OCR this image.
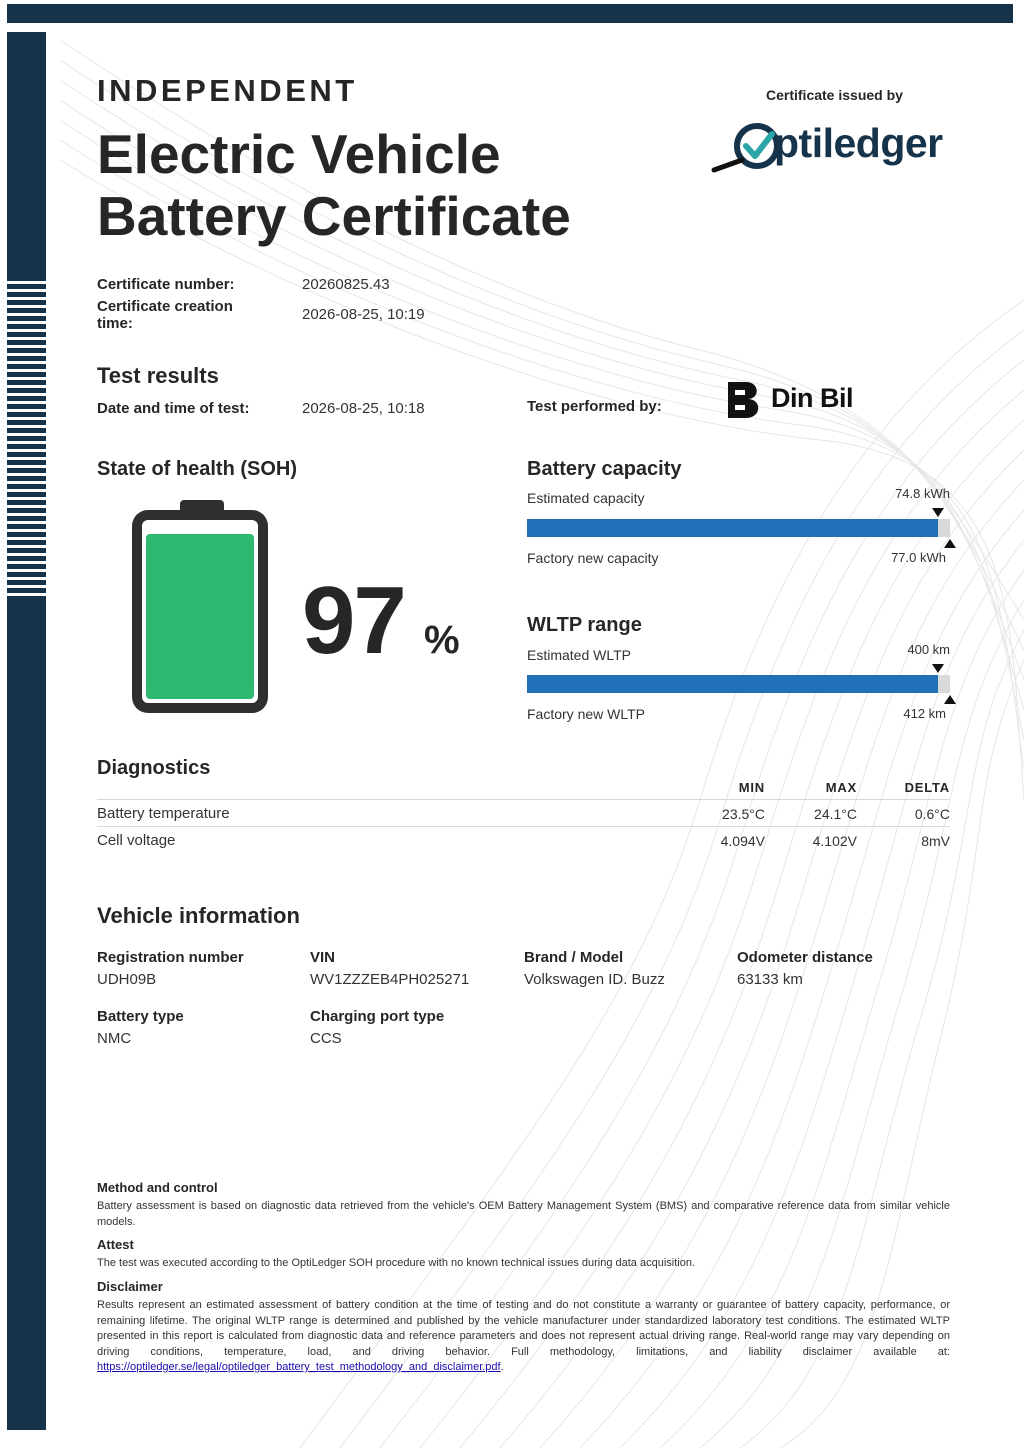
INDEPENDENT
Electric Vehicle
Battery Certificate
Certificate issued by
ptiledger
Certificate number:	20260825.43
Certificate creation time:
2026-08-25, 10:19
Test results
Date and time of test:	2026-08-25, 10:18	Test performed by:	Din Bil
State of health (SOH)
97 %
Battery capacity
Estimated capacity	74.8 kWh
Factory new capacity	77.0 kWh
WLTP range
Estimated WLTP	400 km
Factory new WLTP	412 km
Diagnostics
MIN	MAX	DELTA
Battery temperature	23.5°C	24.1°C	0.6°C
Cell voltage	4.094V	4.102V	8mV
Vehicle information
Registration number
UDH09B
VIN
WV1ZZZEB4PH025271
Brand / Model
Volkswagen ID. Buzz
Odometer distance
63133 km
Battery type
NMC
Charging port type
CCS
Method and control
Battery assessment is based on diagnostic data retrieved from the vehicle's OEM Battery Management System (BMS) and comparative reference data from similar vehicle models.
Attest
The test was executed according to the OptiLedger SOH procedure with no known technical issues during data acquisition.
Disclaimer
Results represent an estimated assessment of battery condition at the time of testing and do not constitute a warranty or guarantee of battery capacity, performance, or remaining lifetime. The original WLTP range is determined and published by the vehicle manufacturer under standardized laboratory test conditions. The estimated WLTP presented in this report is calculated from diagnostic data and reference parameters and does not represent actual driving range. Real-world range may vary depending on driving conditions, temperature, load, and driving behavior. Full methodology, limitations, and liability disclaimer available at: https://optiledger.se/legal/optiledger_battery_test_methodology_and_disclaimer.pdf.
